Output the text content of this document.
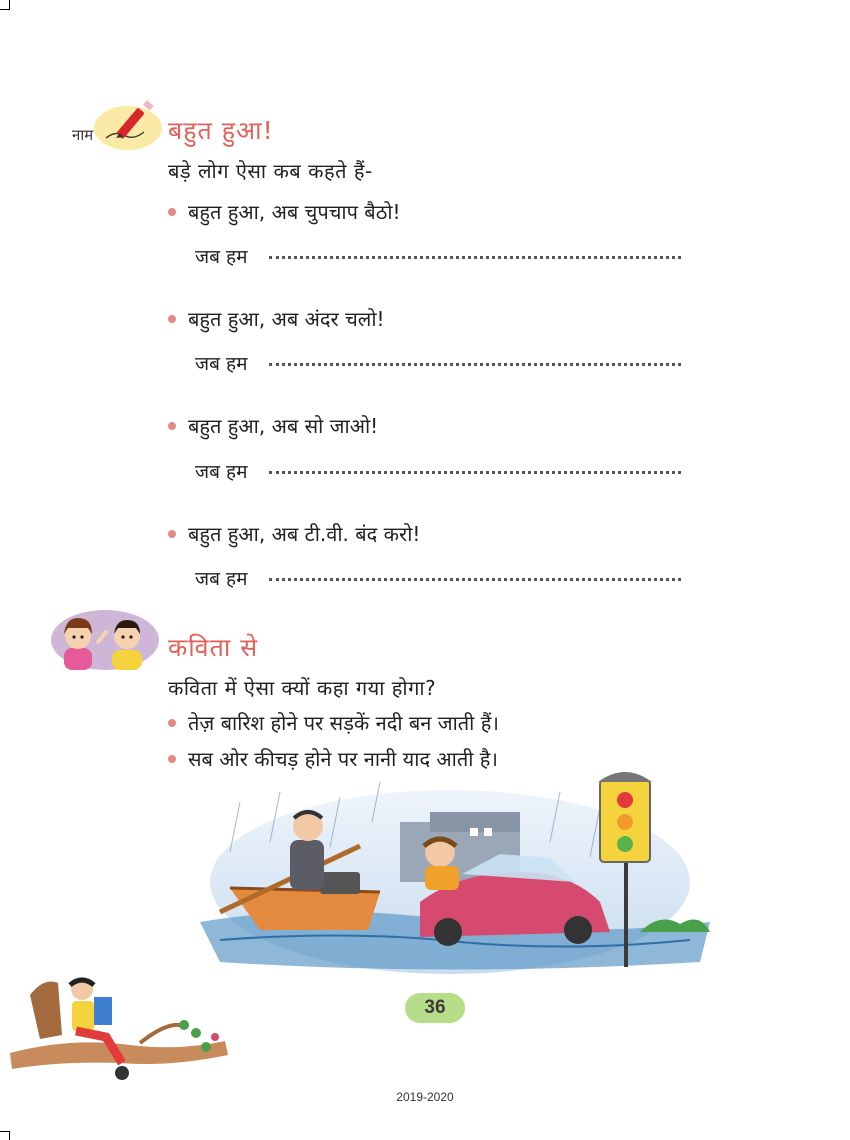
नाम	बहुत हुआ!

बड़े लोग ऐसा कब कहते हैं-

बहुत हुआ, अब चुपचाप बैठो!
जब हम
बहुत हुआ, अब अंदर चलो!
जब हम
बहुत हुआ, अब सो जाओ!
जब हम
बहुत हुआ, अब टी.वी. बंद करो!
जब हम
कविता से

कविता में ऐसा क्यों कहा गया होगा?

तेज़ बारिश होने पर सड़कें नदी बन जाती हैं।
सब ओर कीचड़ होने पर नानी याद आती है।
36
2019-2020
